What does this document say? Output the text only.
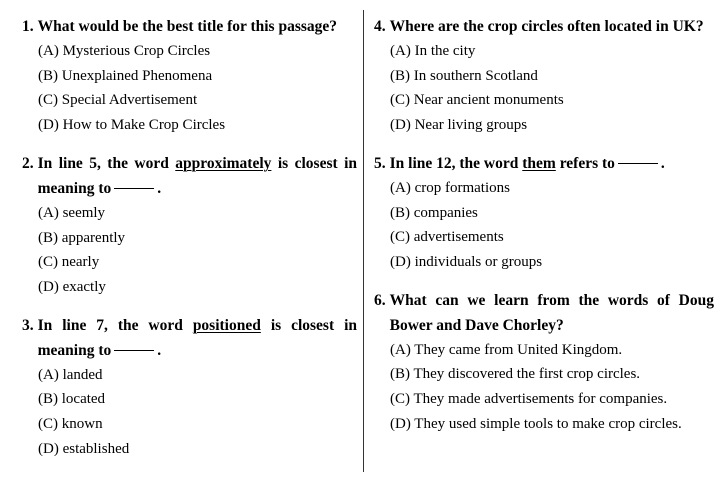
1. What would be the best title for this passage?
(A) Mysterious Crop Circles
(B) Unexplained Phenomena
(C) Special Advertisement
(D) How to Make Crop Circles
2. In line 5, the word approximately is closest in meaning to	.
(A) seemly
(B) apparently
(C) nearly
(D) exactly
3. In line 7, the word positioned is closest in meaning to	.
(A) landed
(B) located
(C) known
(D) established
4. Where are the crop circles often located in UK?
(A) In the city
(B) In southern Scotland
(C) Near ancient monuments
(D) Near living groups
5. In line 12, the word them refers to	.
(A) crop formations
(B) companies
(C) advertisements
(D) individuals or groups
6. What can we learn from the words of Doug Bower and Dave Chorley?
(A) They came from United Kingdom.
(B) They discovered the first crop circles.
(C) They made advertisements for companies.
(D) They used simple tools to make crop circles.
